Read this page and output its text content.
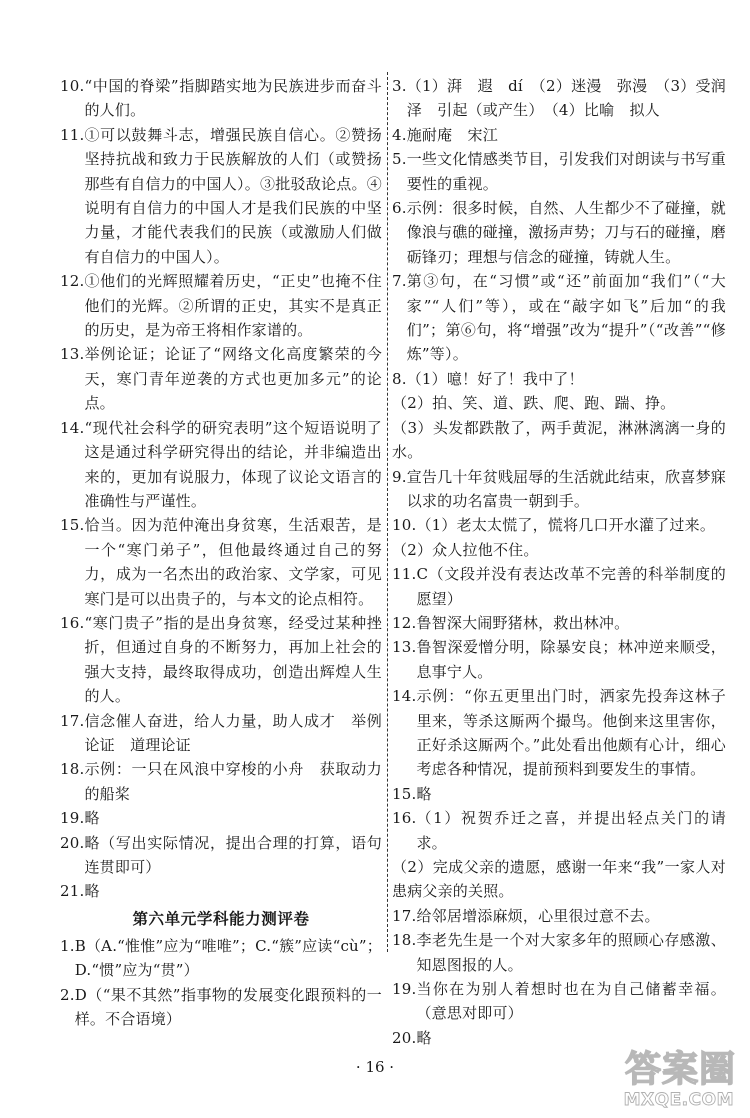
10. “中国的脊梁”指脚踏实地为民族进步而奋斗的人们。
11. ①可以鼓舞斗志，增强民族自信心。②赞扬坚持抗战和致力于民族解放的人们（或赞扬那些有自信力的中国人）。③批驳敌论点。④说明有自信力的中国人才是我们民族的中坚力量，才能代表我们的民族（或激励人们做有自信力的中国人）。
12. ①他们的光辉照耀着历史，“正史”也掩不住他们的光辉。②所谓的正史，其实不是真正的历史，是为帝王将相作家谱的。
13. 举例论证；论证了“网络文化高度繁荣的今天，寒门青年逆袭的方式也更加多元”的论点。
14. “现代社会科学的研究表明”这个短语说明了这是通过科学研究得出的结论，并非编造出来的，更加有说服力，体现了议论文语言的准确性与严谨性。
15. 恰当。因为范仲淹出身贫寒，生活艰苦，是一个“寒门弟子”，但他最终通过自己的努力，成为一名杰出的政治家、文学家，可见寒门是可以出贵子的，与本文的论点相符。
16. “寒门贵子”指的是出身贫寒，经受过某种挫折，但通过自身的不断努力，再加上社会的强大支持，最终取得成功，创造出辉煌人生的人。
17. 信念催人奋进，给人力量，助人成才　举例论证　道理论证
18. 示例：一只在风浪中穿梭的小舟　获取动力的船桨
19. 略
20. 略（写出实际情况，提出合理的打算，语句连贯即可）
21. 略
第六单元学科能力测评卷
1. B（A.“惟惟”应为“唯唯”；C.“簇”应读“cù”；D.“惯”应为“贯”）
2. D（“果不其然”指事物的发展变化跟预料的一样。不合语境）
3. （1）湃　遐　dí　（2）迷漫　弥漫　（3）受润泽　引起（或产生）　（4）比喻　拟人
4. 施耐庵　宋江
5. 一些文化情感类节目，引发我们对朗读与书写重要性的重视。
6. 示例：很多时候，自然、人生都少不了碰撞，就像浪与礁的碰撞，激扬声势；刀与石的碰撞，磨砺锋刃；理想与信念的碰撞，铸就人生。
7. 第③句，在“习惯”或“还”前面加“我们”（“大家”“人们”等），或在“敲字如飞”后加“的我们”；第⑥句，将“增强”改为“提升”（“改善”“修炼”等）。
8. （1）噫！好了！我中了！
（2）拍、笑、道、跌、爬、跑、踹、挣。
（3）头发都跌散了，两手黄泥，淋淋漓漓一身的水。
9. 宣告几十年贫贱屈辱的生活就此结束，欣喜梦寐以求的功名富贵一朝到手。
10. （1）老太太慌了，慌将几口开水灌了过来。
（2）众人拉他不住。
11. C（文段并没有表达改革不完善的科举制度的愿望）
12. 鲁智深大闹野猪林，救出林冲。
13. 鲁智深爱憎分明，除暴安良；林冲逆来顺受，息事宁人。
14. 示例：“你五更里出门时，洒家先投奔这林子里来，等杀这厮两个撮鸟。他倒来这里害你，正好杀这厮两个。”此处看出他颇有心计，细心考虑各种情况，提前预料到要发生的事情。
15. 略
16. （1）祝贺乔迁之喜，并提出轻点关门的请求。
（2）完成父亲的遗愿，感谢一年来“我”一家人对患病父亲的关照。
17. 给邻居增添麻烦，心里很过意不去。
18. 李老先生是一个对大家多年的照顾心存感激、知恩图报的人。
19. 当你在为别人着想时也在为自己储蓄幸福。（意思对即可）
20. 略
· 16 ·	答案圈
MXQE.COM
